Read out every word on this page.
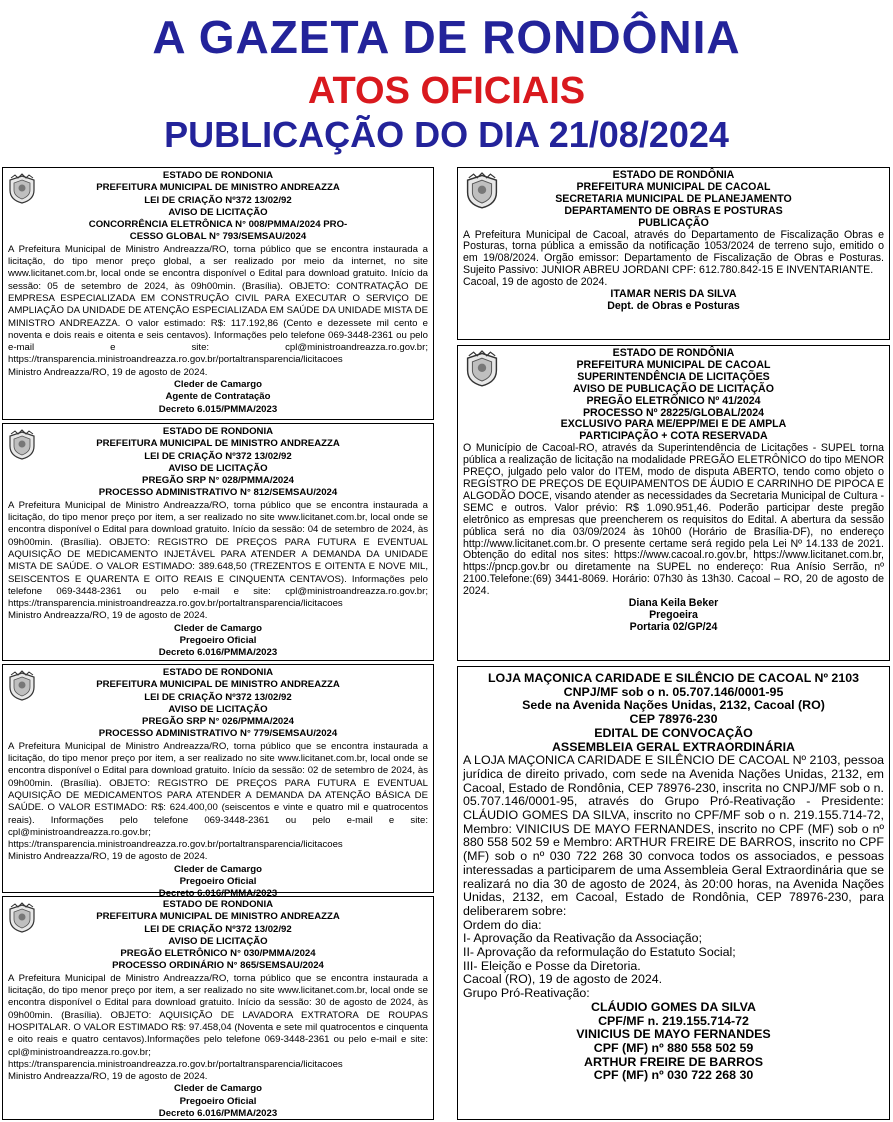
A GAZETA DE RONDÔNIA
ATOS OFICIAIS
PUBLICAÇÃO DO DIA 21/08/2024

ESTADO DE RONDONIA

PREFEITURA MUNICIPAL DE MINISTRO ANDREAZZA

LEI DE CRIAÇÃO Nº372 13/02/92

AVISO DE LICITAÇÃO

CONCORRÊNCIA ELETRÔNICA N° 008/PMMA/2024 PRO-

CESSO GLOBAL N° 793/SEMSAU/2024

A Prefeitura Municipal de Ministro Andreazza/RO, torna público que se encontra instaurada a licitação, do tipo menor preço global, a ser realizado por meio da internet, no site www.licitanet.com.br, local onde se encontra disponível o Edital para download gratuito. Início da sessão: 05 de setembro de 2024, às 09h00min. (Brasília). OBJETO: CONTRATAÇÃO DE EMPRESA ESPECIALIZADA EM CONSTRUÇÃO CIVIL PARA EXECUTAR O SERVIÇO DE AMPLIAÇÃO DA UNIDADE DE ATENÇÃO ESPECIALIZADA EM SAÚDE DA UNIDADE MISTA DE MINISTRO ANDREAZZA. O valor estimado: R$: 117.192,86 (Cento e dezessete mil cento e noventa e dois reais e oitenta e seis centavos). Informações pelo telefone 069-3448-2361 ou pelo e-mail e site: cpl@ministroandreazza.ro.gov.br; https://transparencia.ministroandreazza.ro.gov.br/portaltransparencia/licitacoes

Ministro Andreazza/RO, 19 de agosto de 2024.

Cleder de Camargo

Agente de Contratação

Decreto 6.015/PMMA/2023

ESTADO DE RONDONIA

PREFEITURA MUNICIPAL DE MINISTRO ANDREAZZA

LEI DE CRIAÇÃO Nº372 13/02/92

AVISO DE LICITAÇÃO

PREGÃO SRP N° 028/PMMA/2024

PROCESSO ADMINISTRATIVO N° 812/SEMSAU/2024

A Prefeitura Municipal de Ministro Andreazza/RO, torna público que se encontra instaurada a licitação, do tipo menor preço por item, a ser realizado no site www.licitanet.com.br, local onde se encontra disponível o Edital para download gratuito. Início da sessão: 04 de setembro de 2024, às 09h00min. (Brasília). OBJETO: REGISTRO DE PREÇOS PARA FUTURA E EVENTUAL AQUISIÇÃO DE MEDICAMENTO INJETÁVEL PARA ATENDER A DEMANDA DA UNIDADE MISTA DE SAÚDE. O VALOR ESTIMADO: 389.648,50 (TREZENTOS E OITENTA E NOVE MIL, SEISCENTOS E QUARENTA E OITO REAIS E CINQUENTA CENTAVOS). Informações pelo telefone 069-3448-2361 ou pelo e-mail e site: cpl@ministroandreazza.ro.gov.br; https://transparencia.ministroandreazza.ro.gov.br/portaltransparencia/licitacoes

Ministro Andreazza/RO, 19 de agosto de 2024.

Cleder de Camargo

Pregoeiro Oficial

Decreto 6.016/PMMA/2023

ESTADO DE RONDONIA

PREFEITURA MUNICIPAL DE MINISTRO ANDREAZZA

LEI DE CRIAÇÃO Nº372 13/02/92

AVISO DE LICITAÇÃO

PREGÃO SRP N° 026/PMMA/2024

PROCESSO ADMINISTRATIVO N° 779/SEMSAU/2024

A Prefeitura Municipal de Ministro Andreazza/RO, torna público que se encontra instaurada a licitação, do tipo menor preço por item, a ser realizado no site www.licitanet.com.br, local onde se encontra disponível o Edital para download gratuito. Início da sessão: 02 de setembro de 2024, às 09h00min. (Brasília). OBJETO: REGISTRO DE PREÇOS PARA FUTURA E EVENTUAL AQUISIÇÃO DE MEDICAMENTOS PARA ATENDER A DEMANDA DA ATENÇÃO BÁSICA DE SAÚDE. O VALOR ESTIMADO: R$: 624.400,00 (seiscentos e vinte e quatro mil e quatrocentos reais). Informações pelo telefone 069-3448-2361 ou pelo e-mail e site: cpl@ministroandreazza.ro.gov.br; https://transparencia.ministroandreazza.ro.gov.br/portaltransparencia/licitacoes

Ministro Andreazza/RO, 19 de agosto de 2024.

Cleder de Camargo

Pregoeiro Oficial

Decreto 6.016/PMMA/2023

ESTADO DE RONDONIA

PREFEITURA MUNICIPAL DE MINISTRO ANDREAZZA

LEI DE CRIAÇÃO Nº372 13/02/92

AVISO DE LICITAÇÃO

PREGÃO ELETRÔNICO N° 030/PMMA/2024

PROCESSO ORDINÁRIO N° 865/SEMSAU/2024

A Prefeitura Municipal de Ministro Andreazza/RO, torna público que se encontra instaurada a licitação, do tipo menor preço por item, a ser realizado no site www.licitanet.com.br, local onde se encontra disponível o Edital para download gratuito. Início da sessão: 30 de agosto de 2024, às 09h00min. (Brasília). OBJETO: AQUISIÇÃO DE LAVADORA EXTRATORA DE ROUPAS HOSPITALAR. O VALOR ESTIMADO R$: 97.458,04 (Noventa e sete mil quatrocentos e cinquenta e oito reais e quatro centavos).Informações pelo telefone 069-3448-2361 ou pelo e-mail e site: cpl@ministroandreazza.ro.gov.br; https://transparencia.ministroandreazza.ro.gov.br/portaltransparencia/licitacoes

Ministro Andreazza/RO, 19 de agosto de 2024.

Cleder de Camargo

Pregoeiro Oficial

Decreto 6.016/PMMA/2023

ESTADO DE RONDÔNIA

PREFEITURA MUNICIPAL DE CACOAL

SECRETARIA MUNICIPAL DE PLANEJAMENTO

DEPARTAMENTO DE OBRAS E POSTURAS

PUBLICAÇÃO

A Prefeitura Municipal de Cacoal, através do Departamento de Fiscalização Obras e Posturas, torna pública a emissão da notificação 1053/2024 de terreno sujo, emitido o em 19/08/2024. Orgão emissor: Departamento de Fiscalização de Obras e Posturas. Sujeito Passivo: JUNIOR ABREU JORDANI CPF: 612.780.842-15 E INVENTARIANTE.

Cacoal, 19 de agosto de 2024.

ITAMAR NERIS DA SILVA

Dept. de Obras e Posturas

ESTADO DE RONDÔNIA

PREFEITURA MUNICIPAL DE CACOAL

SUPERINTENDÊNCIA DE LICITAÇÕES

AVISO DE PUBLICAÇÃO DE LICITAÇÃO

PREGÃO ELETRÔNICO Nº 41/2024

PROCESSO Nº 28225/GLOBAL/2024

EXCLUSIVO PARA ME/EPP/MEI E DE AMPLA

PARTICIPAÇÃO + COTA RESERVADA

O Município de Cacoal-RO, através da Superintendência de Licitações - SUPEL torna pública a realização de licitação na modalidade PREGÃO ELETRÔNICO do tipo MENOR PREÇO, julgado pelo valor do ITEM, modo de disputa ABERTO, tendo como objeto o REGISTRO DE PREÇOS DE EQUIPAMENTOS DE ÁUDIO E CARRINHO DE PIPOCA E ALGODÃO DOCE, visando atender as necessidades da Secretaria Municipal de Cultura - SEMC e outros. Valor prévio: R$ 1.090.951,46. Poderão participar deste pregão eletrônico as empresas que preencherem os requisitos do Edital. A abertura da sessão pública será no dia 03/09/2024 às 10h00 (Horário de Brasília-DF), no endereço http://www.licitanet.com.br. O presente certame será regido pela Lei Nº 14.133 de 2021. Obtenção do edital nos sites: https://www.cacoal.ro.gov.br, https://www.licitanet.com.br, https://pncp.gov.br ou diretamente na SUPEL no endereço: Rua Anísio Serrão, nº 2100.Telefone:(69) 3441-8069. Horário: 07h30 às 13h30. Cacoal – RO, 20 de agosto de 2024.

Diana Keila Beker

Pregoeira

Portaria 02/GP/24

LOJA MAÇONICA CARIDADE E SILÊNCIO DE CACOAL Nº 2103

CNPJ/MF sob o n. 05.707.146/0001-95

Sede na Avenida Nações Unidas, 2132, Cacoal (RO)

CEP 78976-230

EDITAL DE CONVOCAÇÃO

ASSEMBLEIA GERAL EXTRAORDINÁRIA

A LOJA MAÇONICA CARIDADE E SILÊNCIO DE CACOAL Nº 2103, pessoa jurídica de direito privado, com sede na Avenida Nações Unidas, 2132, em Cacoal, Estado de Rondônia, CEP 78976-230, inscrita no CNPJ/MF sob o n. 05.707.146/0001-95, através do Grupo Pró-Reativação - Presidente: CLÁUDIO GOMES DA SILVA, inscrito no CPF/MF sob o n. 219.155.714-72, Membro: VINICIUS DE MAYO FERNANDES, inscrito no CPF (MF) sob o nº 880 558 502 59 e Membro: ARTHUR FREIRE DE BARROS, inscrito no CPF (MF) sob o nº 030 722 268 30 convoca todos os associados, e pessoas interessadas a participarem de uma Assembleia Geral Extraordinária que se realizará no dia 30 de agosto de 2024, às 20:00 horas, na Avenida Nações Unidas, 2132, em Cacoal, Estado de Rondônia, CEP 78976-230, para deliberarem sobre:

Ordem do dia:

I- Aprovação da Reativação da Associação;

II- Aprovação da reformulação do Estatuto Social;

III- Eleição e Posse da Diretoria.

Cacoal (RO), 19 de agosto de 2024.

Grupo Pró-Reativação:

CLÁUDIO GOMES DA SILVA

CPF/MF n. 219.155.714-72

VINICIUS DE MAYO FERNANDES

CPF (MF) nº 880 558 502 59

ARTHUR FREIRE DE BARROS

CPF (MF) nº 030 722 268 30
